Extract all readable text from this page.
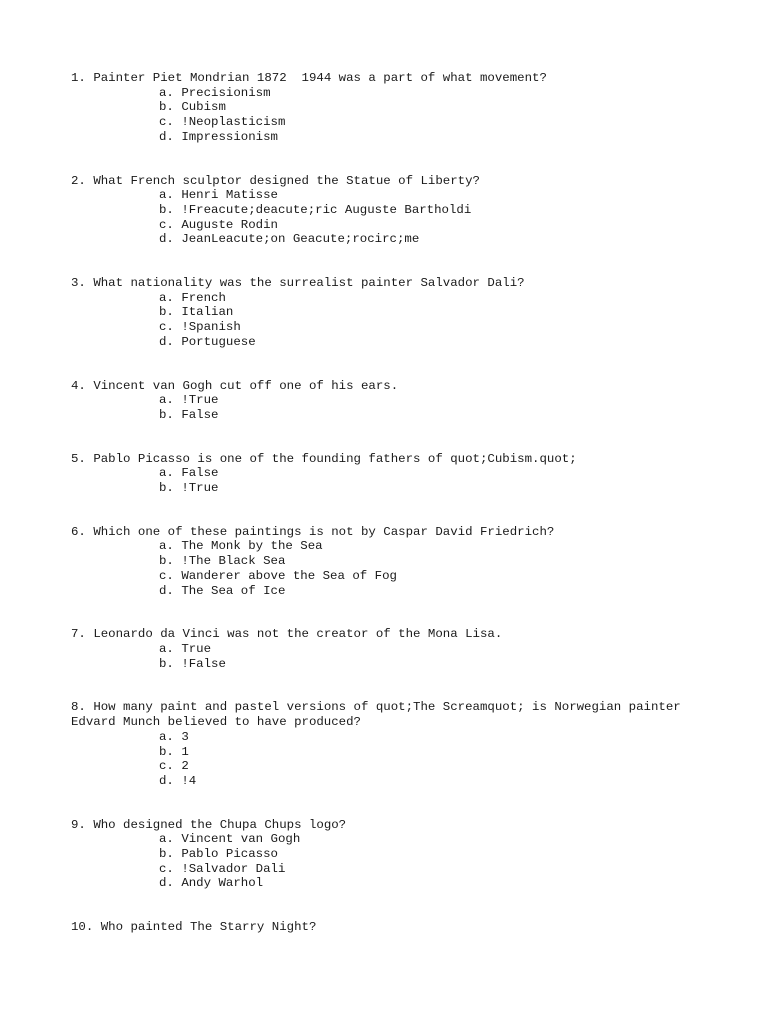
1. Painter Piet Mondrian 1872  1944 was a part of what movement?
a. Precisionism
b. Cubism
c. !Neoplasticism
d. Impressionism
2. What French sculptor designed the Statue of Liberty?
a. Henri Matisse
b. !Freacute;deacute;ric Auguste Bartholdi
c. Auguste Rodin
d. JeanLeacute;on Geacute;rocirc;me
3. What nationality was the surrealist painter Salvador Dali?
a. French
b. Italian
c. !Spanish
d. Portuguese
4. Vincent van Gogh cut off one of his ears.
a. !True
b. False
5. Pablo Picasso is one of the founding fathers of quot;Cubism.quot;
a. False
b. !True
6. Which one of these paintings is not by Caspar David Friedrich?
a. The Monk by the Sea
b. !The Black Sea
c. Wanderer above the Sea of Fog
d. The Sea of Ice
7. Leonardo da Vinci was not the creator of the Mona Lisa.
a. True
b. !False
8. How many paint and pastel versions of quot;The Screamquot; is Norwegian painter
Edvard Munch believed to have produced?
a. 3
b. 1
c. 2
d. !4
9. Who designed the Chupa Chups logo?
a. Vincent van Gogh
b. Pablo Picasso
c. !Salvador Dali
d. Andy Warhol
10. Who painted The Starry Night?
